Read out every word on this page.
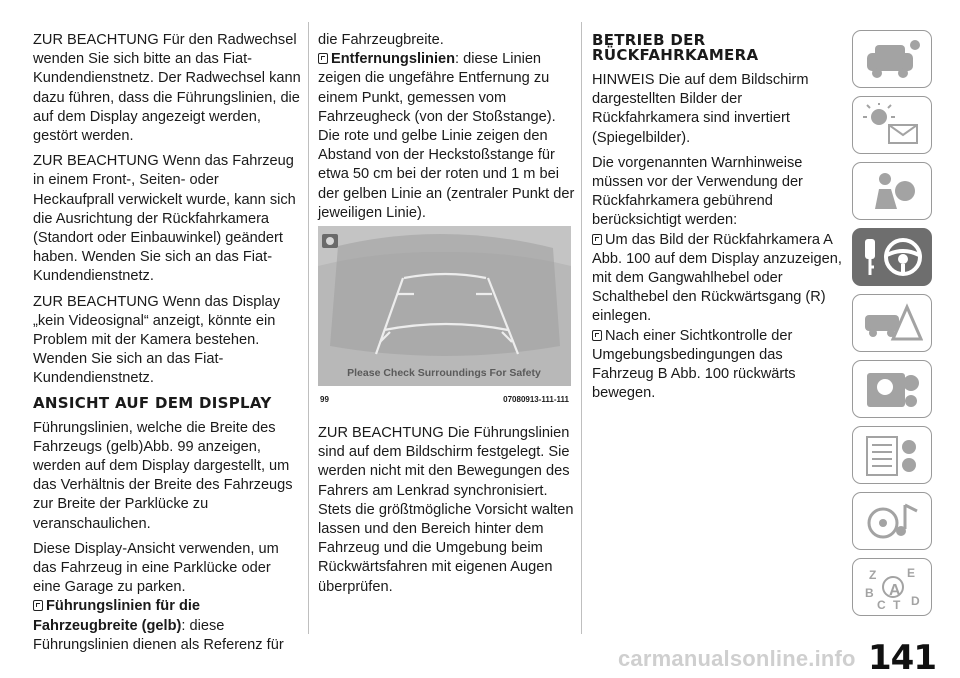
ZUR BEACHTUNG Für den Radwechsel wenden Sie sich bitte an das Fiat-Kundendienstnetz. Der Radwechsel kann dazu führen, dass die Führungslinien, die auf dem Display angezeigt werden, gestört werden.

ZUR BEACHTUNG Wenn das Fahrzeug in einem Front-, Seiten- oder Heckaufprall verwickelt wurde, kann sich die Ausrichtung der Rückfahrkamera (Standort oder Einbauwinkel) geändert haben. Wenden Sie sich an das Fiat-Kundendienstnetz.

ZUR BEACHTUNG Wenn das Display „kein Videosignal“ anzeigt, könnte ein Problem mit der Kamera bestehen. Wenden Sie sich an das Fiat-Kundendienstnetz.

ANSICHT AUF DEM DISPLAY

Führungslinien, welche die Breite des Fahrzeugs (gelb)Abb. 99 anzeigen, werden auf dem Display dargestellt, um das Verhältnis der Breite des Fahrzeugs zur Breite der Parklücke zu veranschaulichen.

Diese Display-Ansicht verwenden, um das Fahrzeug in eine Parklücke oder eine Garage zu parken.

Führungslinien für die Fahrzeugbreite (gelb): diese Führungslinien dienen als Referenz für

die Fahrzeugbreite.

Entfernungslinien: diese Linien zeigen die ungefähre Entfernung zu einem Punkt, gemessen vom Fahrzeugheck (von der Stoßstange). Die rote und gelbe Linie zeigen den Abstand von der Heckstoßstange für etwa 50 cm bei der roten und 1 m bei der gelben Linie an (zentraler Punkt der jeweiligen Linie).

Please Check Surroundings For Safety
99	07080913-111-111

ZUR BEACHTUNG Die Führungslinien sind auf dem Bildschirm festgelegt. Sie werden nicht mit den Bewegungen des Fahrers am Lenkrad synchronisiert. Stets die größtmögliche Vorsicht walten lassen und den Bereich hinter dem Fahrzeug und die Umgebung beim Rückwärtsfahren mit eigenen Augen überprüfen.

BETRIEB DER RÜCKFAHRKAMERA

HINWEIS Die auf dem Bildschirm dargestellten Bilder der Rückfahrkamera sind invertiert (Spiegelbilder).

Die vorgenannten Warnhinweise müssen vor der Verwendung der Rückfahrkamera gebührend berücksichtigt werden:

Um das Bild der Rückfahrkamera A Abb. 100 auf dem Display anzuzeigen, mit dem Gangwahlhebel oder Schalthebel den Rückwärtsgang (R) einlegen.

Nach einer Sichtkontrolle der Umgebungsbedingungen das Fahrzeug B Abb. 100 rückwärts bewegen.

Z	E
B A
C T D
carmanualsonline.info 141
